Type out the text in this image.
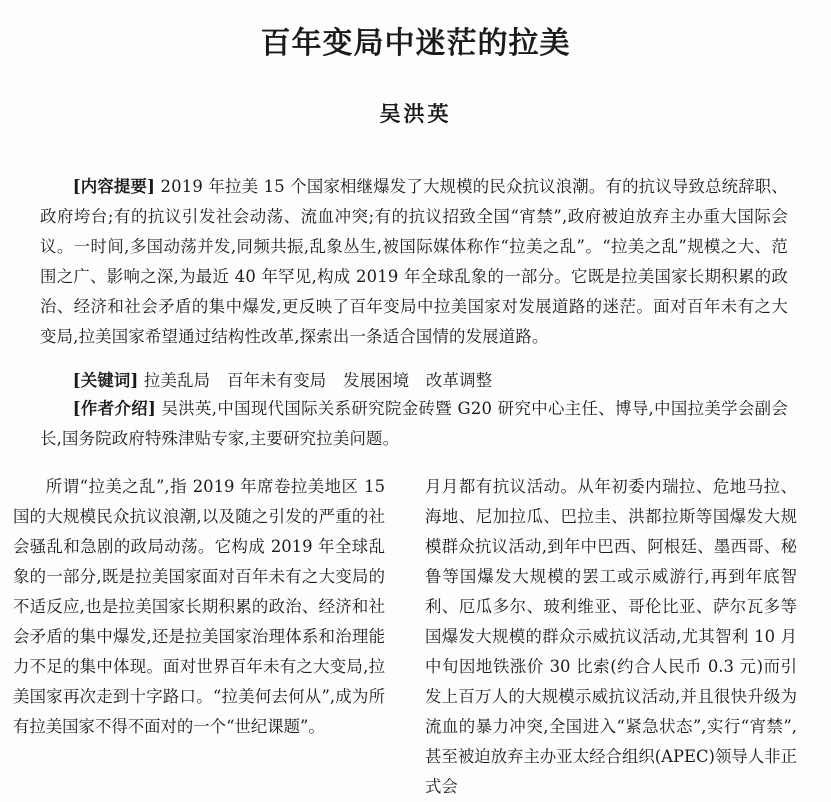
百年变局中迷茫的拉美
吴洪英
[内容提要] 2019 年拉美 15 个国家相继爆发了大规模的民众抗议浪潮。有的抗议导致总统辞职、政府垮台;有的抗议引发社会动荡、流血冲突;有的抗议招致全国“宵禁”,政府被迫放弃主办重大国际会议。一时间,多国动荡并发,同频共振,乱象丛生,被国际媒体称作“拉美之乱”。“拉美之乱”规模之大、范围之广、影响之深,为最近 40 年罕见,构成 2019 年全球乱象的一部分。它既是拉美国家长期积累的政治、经济和社会矛盾的集中爆发,更反映了百年变局中拉美国家对发展道路的迷茫。面对百年未有之大变局,拉美国家希望通过结构性改革,探索出一条适合国情的发展道路。
[关键词] 拉美乱局　百年未有变局　发展困境　改革调整
[作者介绍] 吴洪英,中国现代国际关系研究院金砖暨 G20 研究中心主任、博导,中国拉美学会副会长,国务院政府特殊津贴专家,主要研究拉美问题。
所谓“拉美之乱”,指 2019 年席卷拉美地区 15 国的大规模民众抗议浪潮,以及随之引发的严重的社会骚乱和急剧的政局动荡。它构成 2019 年全球乱象的一部分,既是拉美国家面对百年未有之大变局的不适反应,也是拉美国家长期积累的政治、经济和社会矛盾的集中爆发,还是拉美国家治理体系和治理能力不足的集中体现。面对世界百年未有之大变局,拉美国家再次走到十字路口。“拉美何去何从”,成为所有拉美国家不得不面对的一个“世纪课题”。
月月都有抗议活动。从年初委内瑞拉、危地马拉、海地、尼加拉瓜、巴拉圭、洪都拉斯等国爆发大规模群众抗议活动,到年中巴西、阿根廷、墨西哥、秘鲁等国爆发大规模的罢工或示威游行,再到年底智利、厄瓜多尔、玻利维亚、哥伦比亚、萨尔瓦多等国爆发大规模的群众示威抗议活动,尤其智利 10 月中旬因地铁涨价 30 比索(约合人民币 0.3 元)而引发上百万人的大规模示威抗议活动,并且很快升级为流血的暴力冲突,全国进入“紧急状态”,实行“宵禁”,甚至被迫放弃主办亚太经合组织(APEC)领导人非正式会
